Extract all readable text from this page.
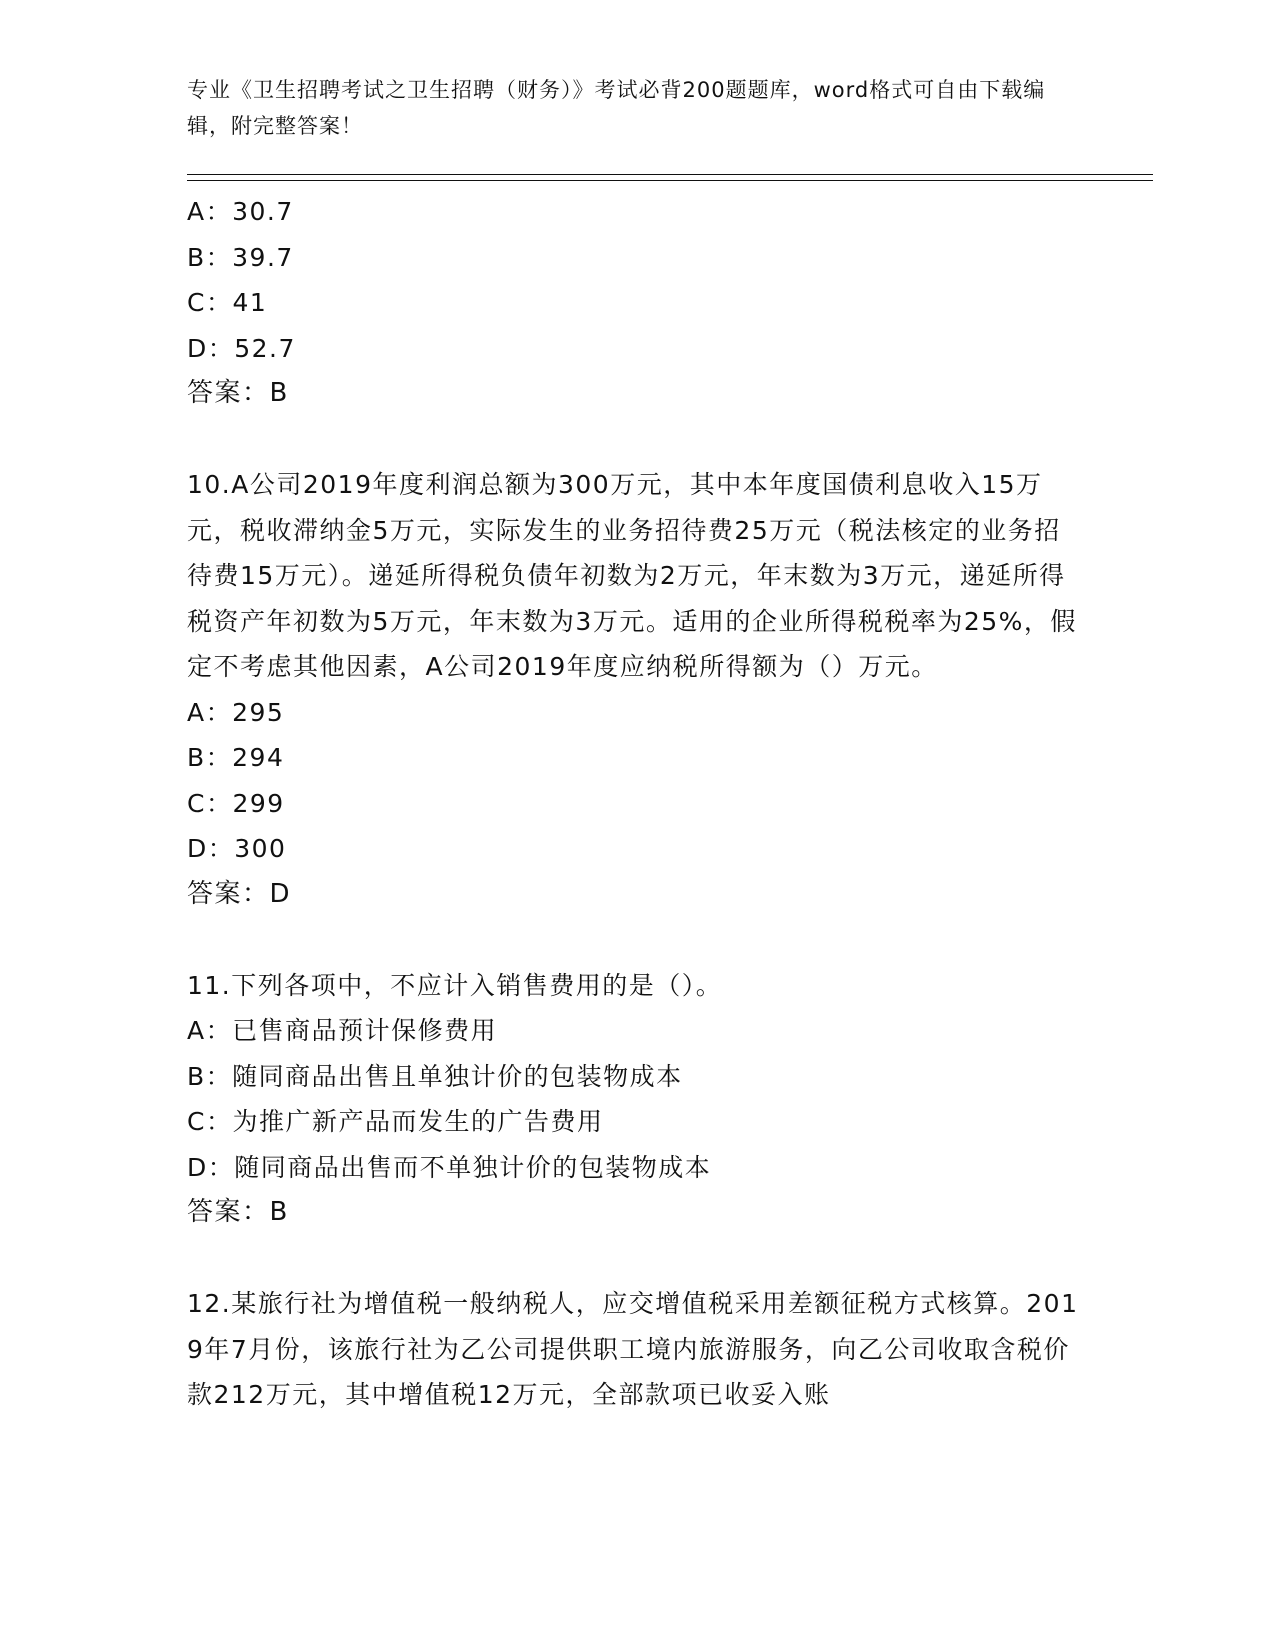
专业《卫生招聘考试之卫生招聘（财务）》考试必背200题题库，word格式可自由下载编辑，附完整答案！
A：30.7
B：39.7
C：41
D：52.7
答案：B
10.A公司2019年度利润总额为300万元，其中本年度国债利息收入15万元，税收滞纳金5万元，实际发生的业务招待费25万元（税法核定的业务招待费15万元）。递延所得税负债年初数为2万元，年末数为3万元，递延所得税资产年初数为5万元，年末数为3万元。适用的企业所得税税率为25%，假定不考虑其他因素，A公司2019年度应纳税所得额为（）万元。
A：295
B：294
C：299
D：300
答案：D
11.下列各项中，不应计入销售费用的是（）。
A：已售商品预计保修费用
B：随同商品出售且单独计价的包装物成本
C：为推广新产品而发生的广告费用
D：随同商品出售而不单独计价的包装物成本
答案：B
12.某旅行社为增值税一般纳税人，应交增值税采用差额征税方式核算。2019年7月份，该旅行社为乙公司提供职工境内旅游服务，向乙公司收取含税价款212万元，其中增值税12万元，全部款项已收妥入账
